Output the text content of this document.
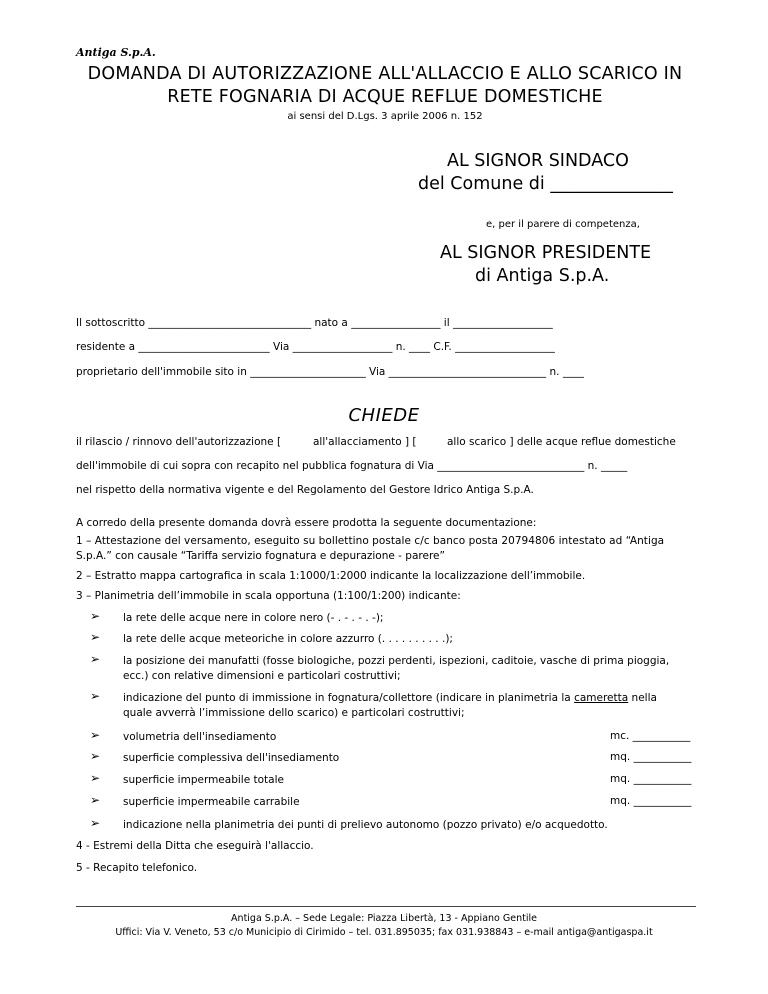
Antiga S.p.A.
DOMANDA DI AUTORIZZAZIONE ALL'ALLACCIO E ALLO SCARICO IN
RETE FOGNARIA DI ACQUE REFLUE DOMESTICHE
ai sensi del D.Lgs. 3 aprile 2006 n. 152
AL SIGNOR SINDACO
del Comune di ______________
e, per il parere di competenza,
AL SIGNOR PRESIDENTE
di Antiga S.p.A.
Il sottoscritto _______________________________ nato a _________________ il ___________________
residente a _________________________ Via ___________________ n. ____ C.F. ___________________
proprietario dell'immobile sito in ______________________ Via ______________________________ n. ____
CHIEDE
il rilascio / rinnovo dell'autorizzazione [	all'allacciamento ] [	allo scarico ] delle acque reflue domestiche
dell'immobile di cui sopra con recapito nel pubblica fognatura di Via ____________________________ n. _____
nel rispetto della normativa vigente e del Regolamento del Gestore Idrico Antiga S.p.A.
A corredo della presente domanda dovrà essere prodotta la seguente documentazione:
1 – Attestazione del versamento, eseguito su bollettino postale c/c banco posta 20794806 intestato ad “Antiga
S.p.A.” con causale “Tariffa servizio fognatura e depurazione - parere”
2 – Estratto mappa cartografica in scala 1:1000/1:2000 indicante la localizzazione dell’immobile.
3 – Planimetria dell’immobile in scala opportuna (1:100/1:200) indicante:
➢ la rete delle acque nere in colore nero (- . - . - . -);
➢ la rete delle acque meteoriche in colore azzurro (. . . . . . . . . .);
➢ la posizione dei manufatti (fosse biologiche, pozzi perdenti, ispezioni, caditoie, vasche di prima pioggia,
ecc.) con relative dimensioni e particolari costruttivi;
➢ indicazione del punto di immissione in fognatura/collettore (indicare in planimetria la cameretta nella
quale avverrà l’immissione dello scarico) e particolari costruttivi;
➢ volumetria dell'insediamento	mc. ___________
➢ superficie complessiva dell'insediamento	mq. ___________
➢ superficie impermeabile totale	mq. ___________
➢ superficie impermeabile carrabile	mq. ___________
➢ indicazione nella planimetria dei punti di prelievo autonomo (pozzo privato) e/o acquedotto.
4 - Estremi della Ditta che eseguirà l'allaccio.
5 - Recapito telefonico.
Antiga S.p.A. – Sede Legale: Piazza Libertà, 13 - Appiano Gentile
Uffici: Via V. Veneto, 53 c/o Municipio di Cirimido – tel. 031.895035; fax 031.938843 – e-mail antiga@antigaspa.it
